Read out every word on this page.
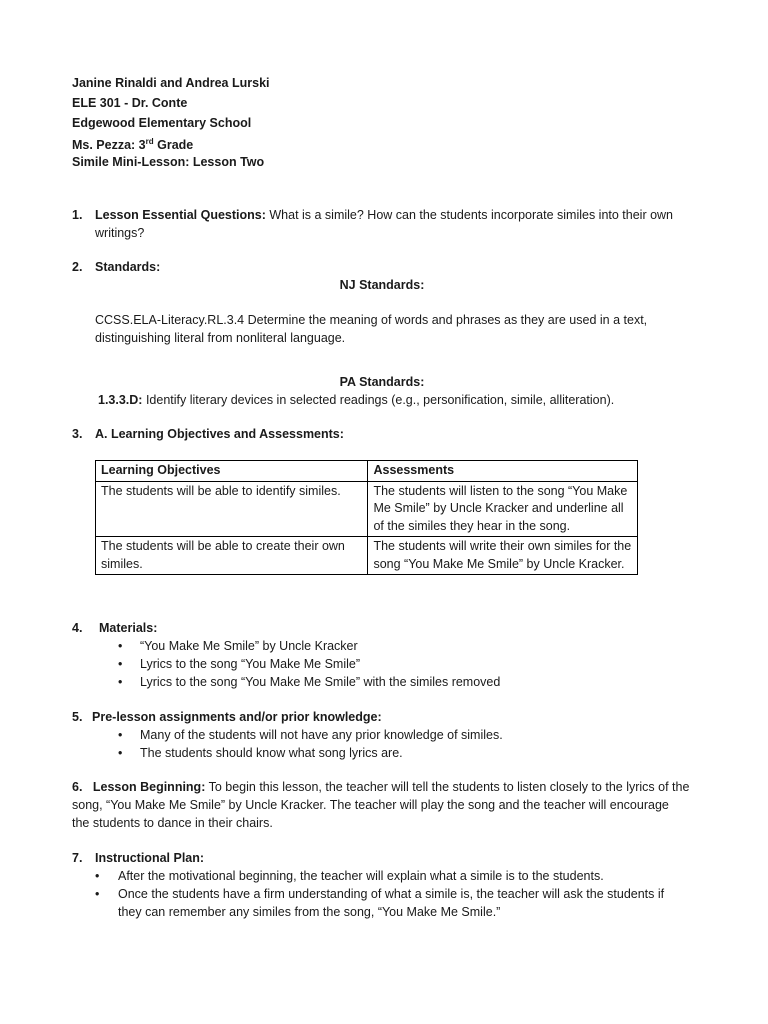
Janine Rinaldi and Andrea Lurski
ELE 301 - Dr. Conte
Edgewood Elementary School
Ms. Pezza: 3rd Grade
Simile Mini-Lesson: Lesson Two
1.	Lesson Essential Questions: What is a simile? How can the students incorporate similes into their own
writings?
2.	Standards:
NJ Standards:
CCSS.ELA-Literacy.RL.3.4 Determine the meaning of words and phrases as they are used in a text,
distinguishing literal from nonliteral language.
PA Standards:
1.3.3.D: Identify literary devices in selected readings (e.g., personification, simile, alliteration).
3.	A. Learning Objectives and Assessments:
Learning Objectives	Assessments
The students will be able to identify similes.	The students will listen to the song “You Make Me Smile” by Uncle Kracker and underline all of the similes they hear in the song.
The students will be able to create their own similes.	The students will write their own similes for the song “You Make Me Smile” by Uncle Kracker.
4.	Materials:
•	“You Make Me Smile” by Uncle Kracker
•	Lyrics to the song “You Make Me Smile”
•	Lyrics to the song “You Make Me Smile” with the similes removed
5. Pre-lesson assignments and/or prior knowledge:
•	Many of the students will not have any prior knowledge of similes.
•	The students should know what song lyrics are.
6. Lesson Beginning: To begin this lesson, the teacher will tell the students to listen closely to the lyrics of the
song, “You Make Me Smile” by Uncle Kracker. The teacher will play the song and the teacher will encourage
the students to dance in their chairs.
7.	Instructional Plan:
•	After the motivational beginning, the teacher will explain what a simile is to the students.
•	Once the students have a firm understanding of what a simile is, the teacher will ask the students if
they can remember any similes from the song, “You Make Me Smile.”
